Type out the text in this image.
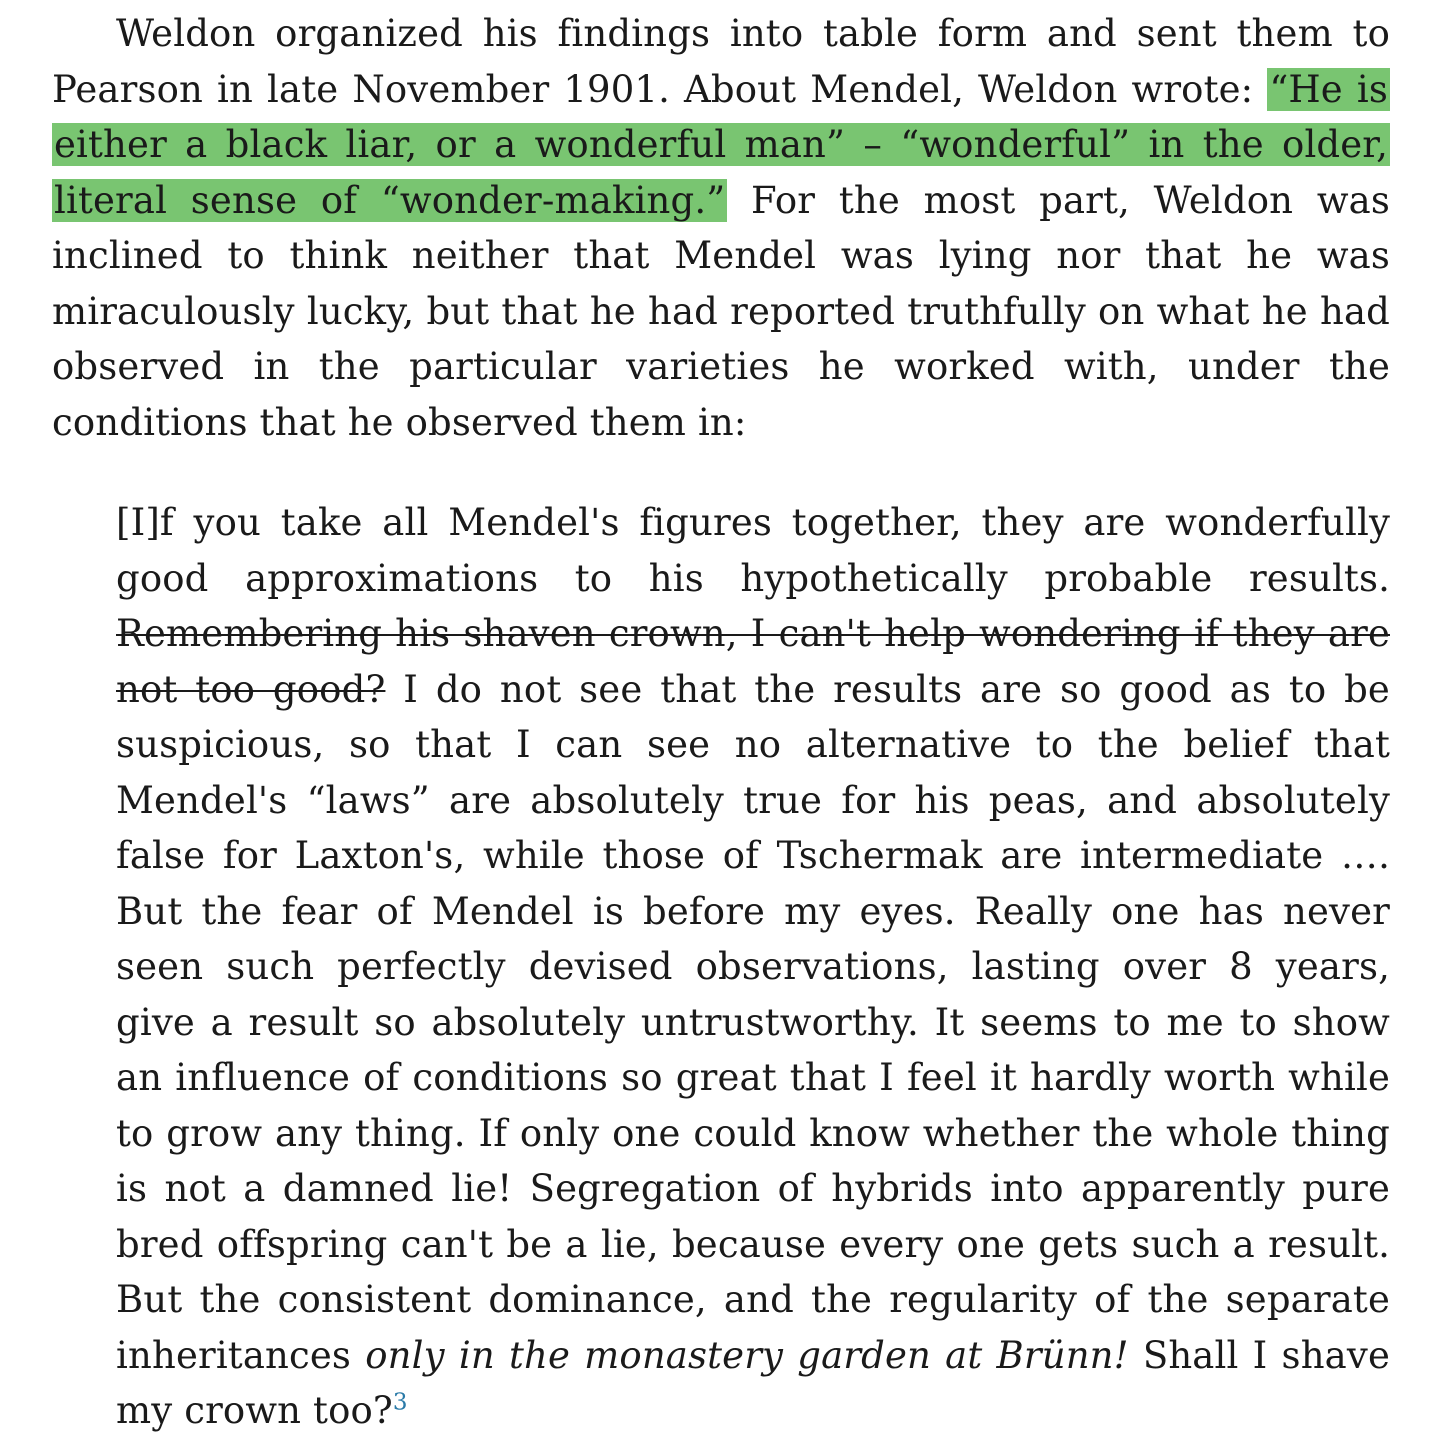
Weldon organized his findings into table form and sent them to Pearson in late November 1901. About Mendel, Weldon wrote: “He is either a black liar, or a wonderful man” – “wonderful” in the older, literal sense of “wonder-making.” For the most part, Weldon was inclined to think neither that Mendel was lying nor that he was miraculously lucky, but that he had reported truthfully on what he had observed in the particular varieties he worked with, under the conditions that he observed them in:

[I]f you take all Mendel's figures together, they are wonderfully good approximations to his hypothetically probable results. Remembering his shaven crown, I can't help wondering if they are not too good? I do not see that the results are so good as to be suspicious, so that I can see no alternative to the belief that Mendel's “laws” are absolutely true for his peas, and absolutely false for Laxton's, while those of Tschermak are intermediate …. But the fear of Mendel is before my eyes. Really one has never seen such perfectly devised observations, lasting over 8 years, give a result so absolutely untrustworthy. It seems to me to show an influence of conditions so great that I feel it hardly worth while to grow any thing. If only one could know whether the whole thing is not a damned lie! Segregation of hybrids into apparently pure bred offspring can't be a lie, because every one gets such a result. But the consistent dominance, and the regularity of the separate inheritances only in the monastery garden at Brünn! Shall I shave my crown too?$^3$
